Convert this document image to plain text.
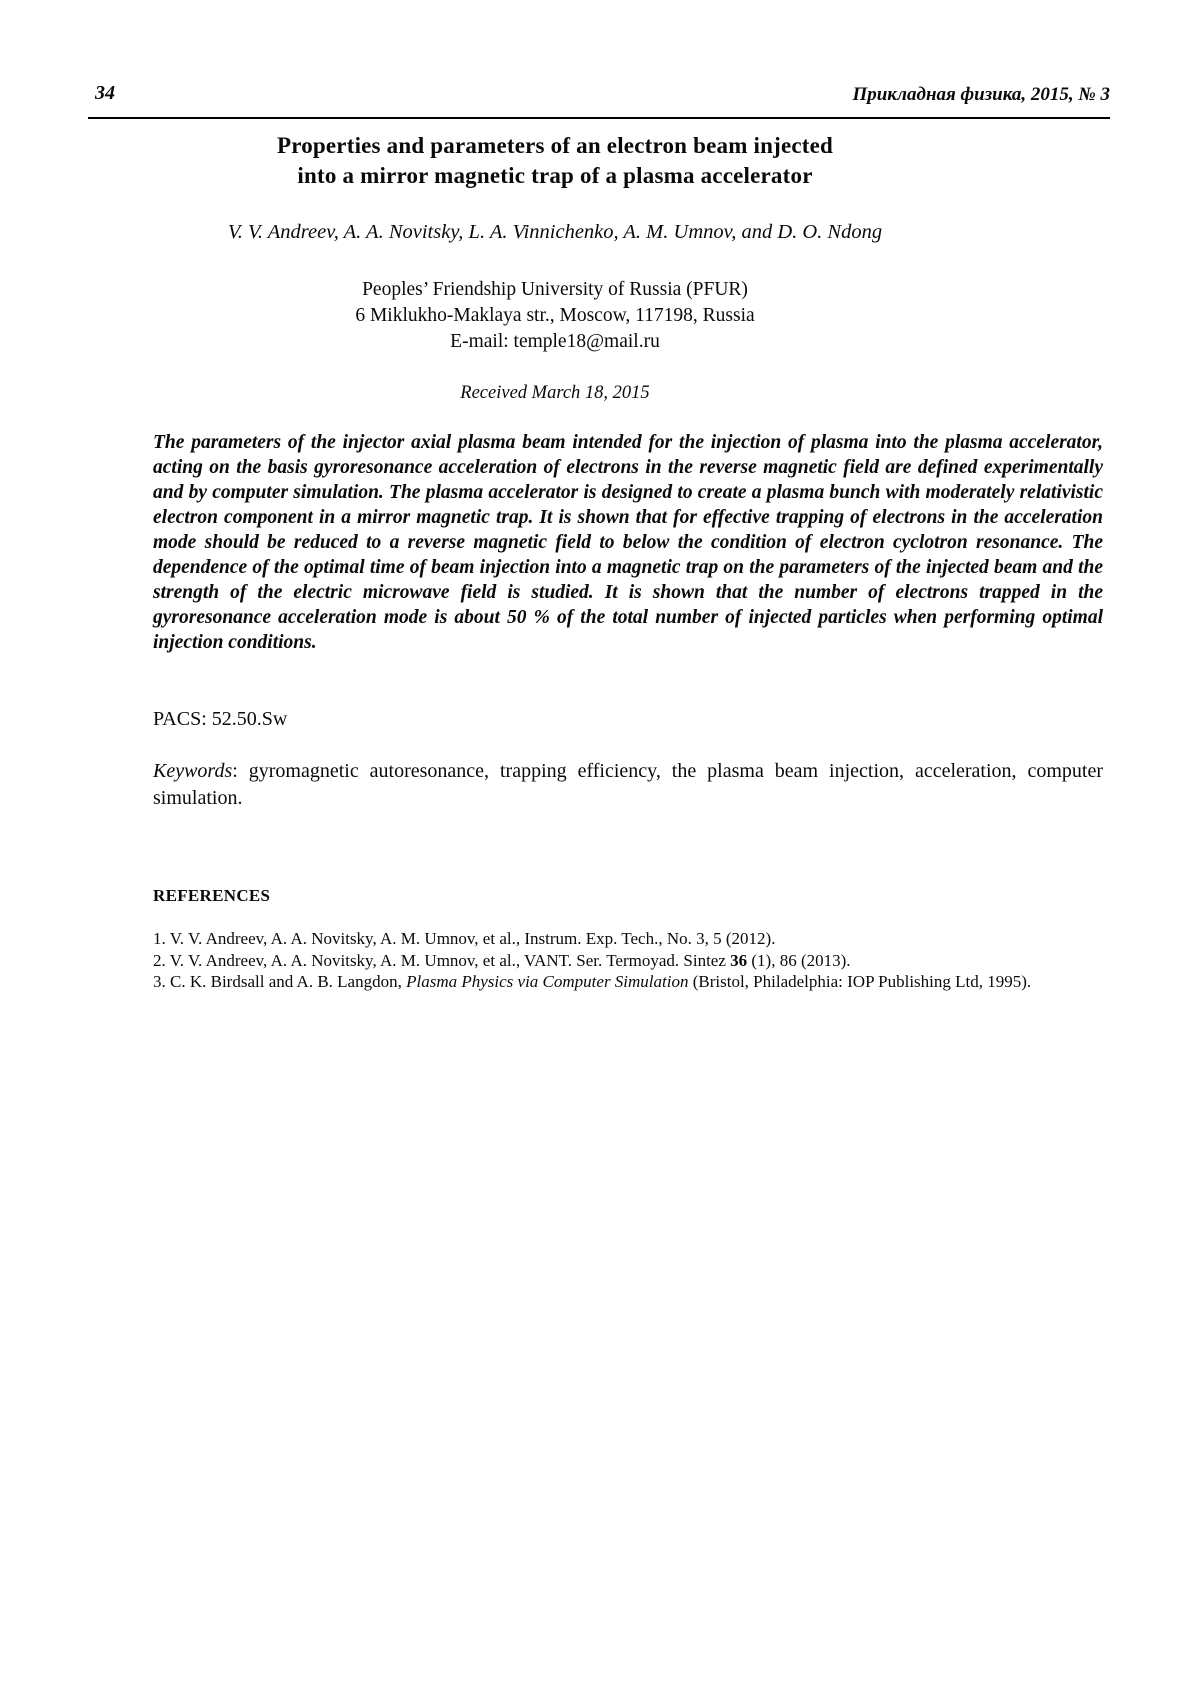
34	Прикладная физика, 2015, № 3
Properties and parameters of an electron beam injected
into a mirror magnetic trap of a plasma accelerator
V. V. Andreev, A. A. Novitsky, L. A. Vinnichenko, A. M. Umnov, and D. O. Ndong
Peoples’ Friendship University of Russia (PFUR)
6 Miklukho-Maklaya str., Moscow, 117198, Russia
E-mail: temple18@mail.ru
Received March 18, 2015
The parameters of the injector axial plasma beam intended for the injection of plasma into the plasma accelerator, acting on the basis gyroresonance acceleration of electrons in the reverse magnetic field are defined experimentally and by computer simulation. The plasma accelerator is designed to create a plasma bunch with moderately relativistic electron component in a mirror magnetic trap. It is shown that for effective trapping of electrons in the acceleration mode should be reduced to a reverse magnetic field to below the condition of electron cyclotron resonance. The dependence of the optimal time of beam injection into a magnetic trap on the parameters of the injected beam and the strength of the electric microwave field is studied. It is shown that the number of electrons trapped in the gyroresonance acceleration mode is about 50 % of the total number of injected particles when performing optimal injection conditions.
PACS: 52.50.Sw
Keywords: gyromagnetic autoresonance, trapping efficiency, the plasma beam injection, acceleration, computer simulation.
REFERENCES

1. V. V. Andreev, A. A. Novitsky, A. M. Umnov, et al., Instrum. Exp. Tech., No. 3, 5 (2012).

2. V. V. Andreev, A. A. Novitsky, A. M. Umnov, et al., VANT. Ser. Termoyad. Sintez 36 (1), 86 (2013).

3. C. K. Birdsall and A. B. Langdon, Plasma Physics via Computer Simulation (Bristol, Philadelphia: IOP Publishing Ltd, 1995).
